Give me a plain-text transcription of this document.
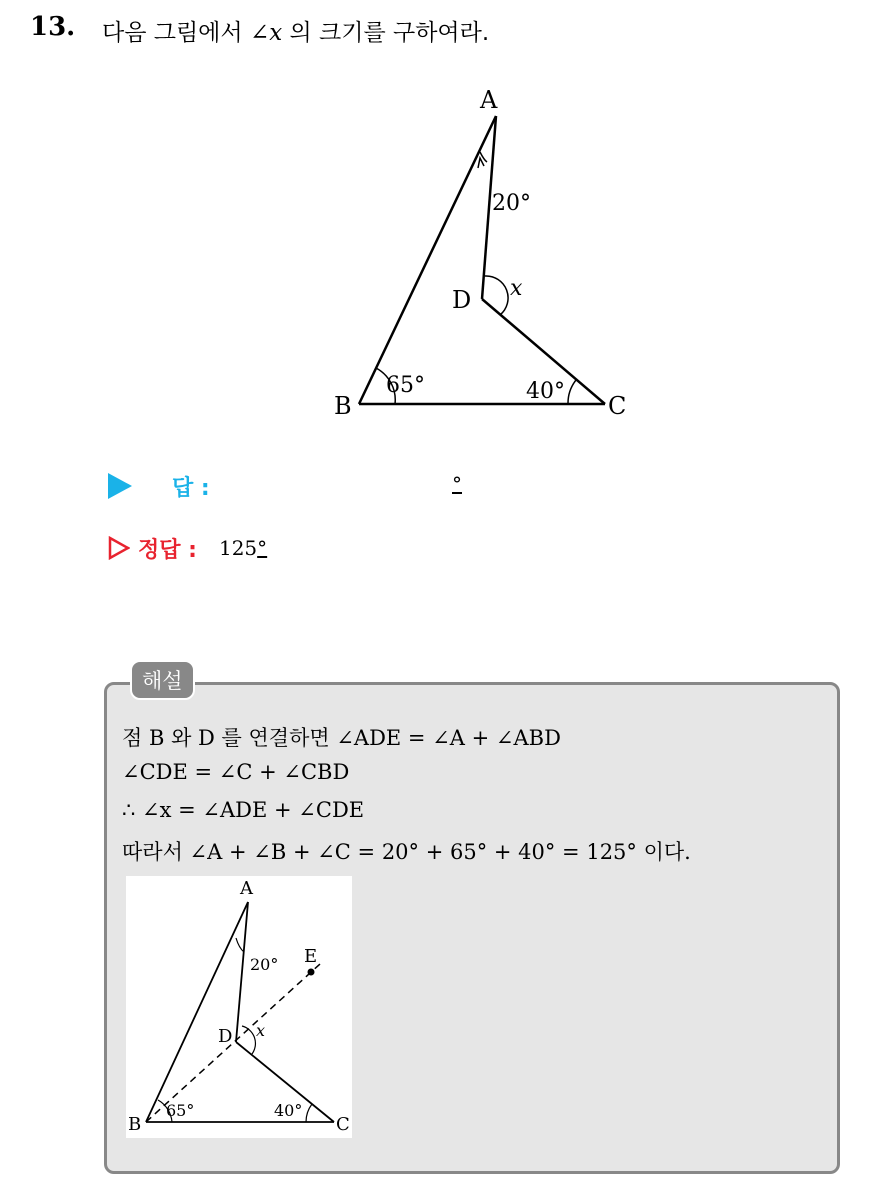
13. 다음 그림에서 ∠x 의 크기를 구하여라.
A
B	C
D
20°
65°	40°
x
답 :	°
정답 : 125°
해설
점 B 와 D 를 연결하면 ∠ADE = ∠A + ∠ABD
∠CDE = ∠C + ∠CBD
∴ ∠x = ∠ADE + ∠CDE
따라서 ∠A + ∠B + ∠C = 20° + 65° + 40° = 125° 이다.
A
B	C
D
E
20°
65°	40°
x
